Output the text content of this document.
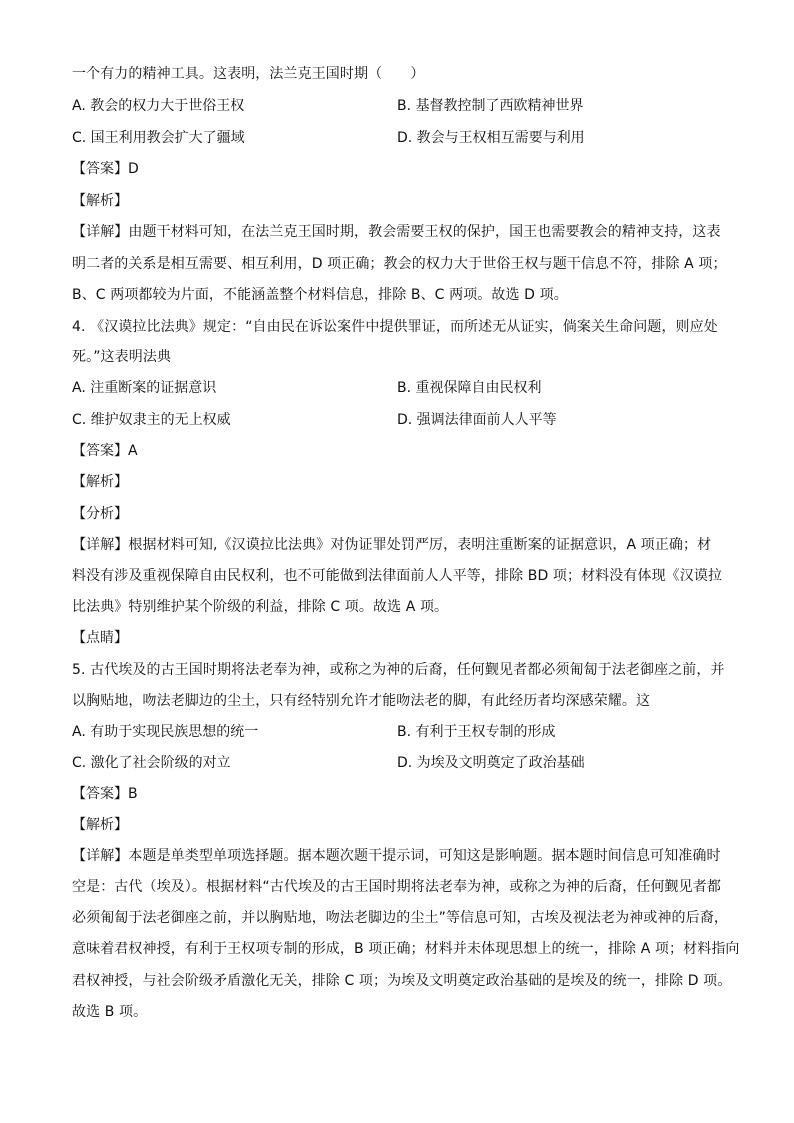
一个有力的精神工具。这表明，法兰克王国时期（　　）
A. 教会的权力大于世俗王权	B. 基督教控制了西欧精神世界
C. 国王利用教会扩大了疆域	D. 教会与王权相互需要与利用
【答案】D
【解析】
【详解】由题干材料可知，在法兰克王国时期，教会需要王权的保护，国王也需要教会的精神支持，这表
明二者的关系是相互需要、相互利用，D 项正确；教会的权力大于世俗王权与题干信息不符，排除 A 项；
B、C 两项都较为片面，不能涵盖整个材料信息，排除 B、C 两项。故选 D 项。
4. 《汉谟拉比法典》规定：“自由民在诉讼案件中提供罪证，而所述无从证实，倘案关生命问题，则应处
死。”这表明法典
A. 注重断案的证据意识	B. 重视保障自由民权利
C. 维护奴隶主的无上权威	D. 强调法律面前人人平等
【答案】A
【解析】
【分析】
【详解】根据材料可知,《汉谟拉比法典》对伪证罪处罚严厉，表明注重断案的证据意识，A 项正确；材
料没有涉及重视保障自由民权利，也不可能做到法律面前人人平等，排除 BD 项；材料没有体现《汉谟拉
比法典》特别维护某个阶级的利益，排除 C 项。故选 A 项。
【点睛】
5. 古代埃及的古王国时期将法老奉为神，或称之为神的后裔，任何觐见者都必须匍匐于法老御座之前，并
以胸贴地，吻法老脚边的尘土，只有经特别允许才能吻法老的脚，有此经历者均深感荣耀。这
A. 有助于实现民族思想的统一	B. 有利于王权专制的形成
C. 激化了社会阶级的对立	D. 为埃及文明奠定了政治基础
【答案】B
【解析】
【详解】本题是单类型单项选择题。据本题次题干提示词，可知这是影响题。据本题时间信息可知准确时
空是：古代（埃及）。根据材料“古代埃及的古王国时期将法老奉为神，或称之为神的后裔，任何觐见者都
必须匍匐于法老御座之前，并以胸贴地，吻法老脚边的尘土”等信息可知，古埃及视法老为神或神的后裔，
意味着君权神授，有利于王权项专制的形成，B 项正确；材料并未体现思想上的统一，排除 A 项；材料指向
君权神授，与社会阶级矛盾激化无关，排除 C 项；为埃及文明奠定政治基础的是埃及的统一，排除 D 项。
故选 B 项。
